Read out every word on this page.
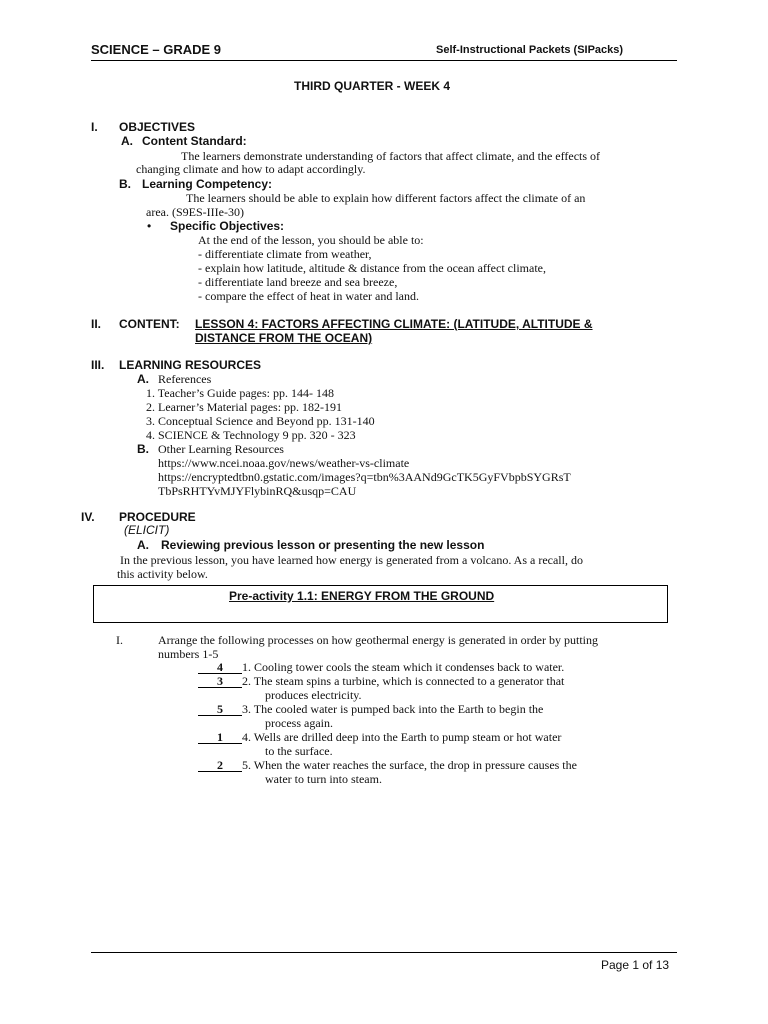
SCIENCE – GRADE 9	Self-Instructional Packets (SIPacks)
THIRD QUARTER - WEEK 4
I. OBJECTIVES
A. Content Standard:
The learners demonstrate understanding of factors that affect climate, and the effects of
changing climate and how to adapt accordingly.
B. Learning Competency:
The learners should be able to explain how different factors affect the climate of an
area. (S9ES-IIIe-30)
• Specific Objectives:
At the end of the lesson, you should be able to:
- differentiate climate from weather,
- explain how latitude, altitude & distance from the ocean affect climate,
- differentiate land breeze and sea breeze,
- compare the effect of heat in water and land.
II. CONTENT: LESSON 4: FACTORS AFFECTING CLIMATE: (LATITUDE, ALTITUDE &
DISTANCE FROM THE OCEAN)
III. LEARNING RESOURCES
A. References
1. Teacher’s Guide pages: pp. 144- 148
2. Learner’s Material pages: pp. 182-191
3. Conceptual Science and Beyond pp. 131-140
4. SCIENCE & Technology 9 pp. 320 - 323
B. Other Learning Resources
https://www.ncei.noaa.gov/news/weather-vs-climate
https://encryptedtbn0.gstatic.com/images?q=tbn%3AANd9GcTK5GyFVbpbSYGRsT
TbPsRHTYvMJYFlybinRQ&usqp=CAU
IV. PROCEDURE
(ELICIT)
A. Reviewing previous lesson or presenting the new lesson
In the previous lesson, you have learned how energy is generated from a volcano. As a recall, do
this activity below.
Pre-activity 1.1: ENERGY FROM THE GROUND
I.	Arrange the following processes on how geothermal energy is generated in order by putting
numbers 1-5
4 1. Cooling tower cools the steam which it condenses back to water.
3 2. The steam spins a turbine, which is connected to a generator that
produces electricity.
5 3. The cooled water is pumped back into the Earth to begin the
process again.
1 4. Wells are drilled deep into the Earth to pump steam or hot water
to the surface.
2 5. When the water reaches the surface, the drop in pressure causes the
water to turn into steam.
Page 1 of 13
